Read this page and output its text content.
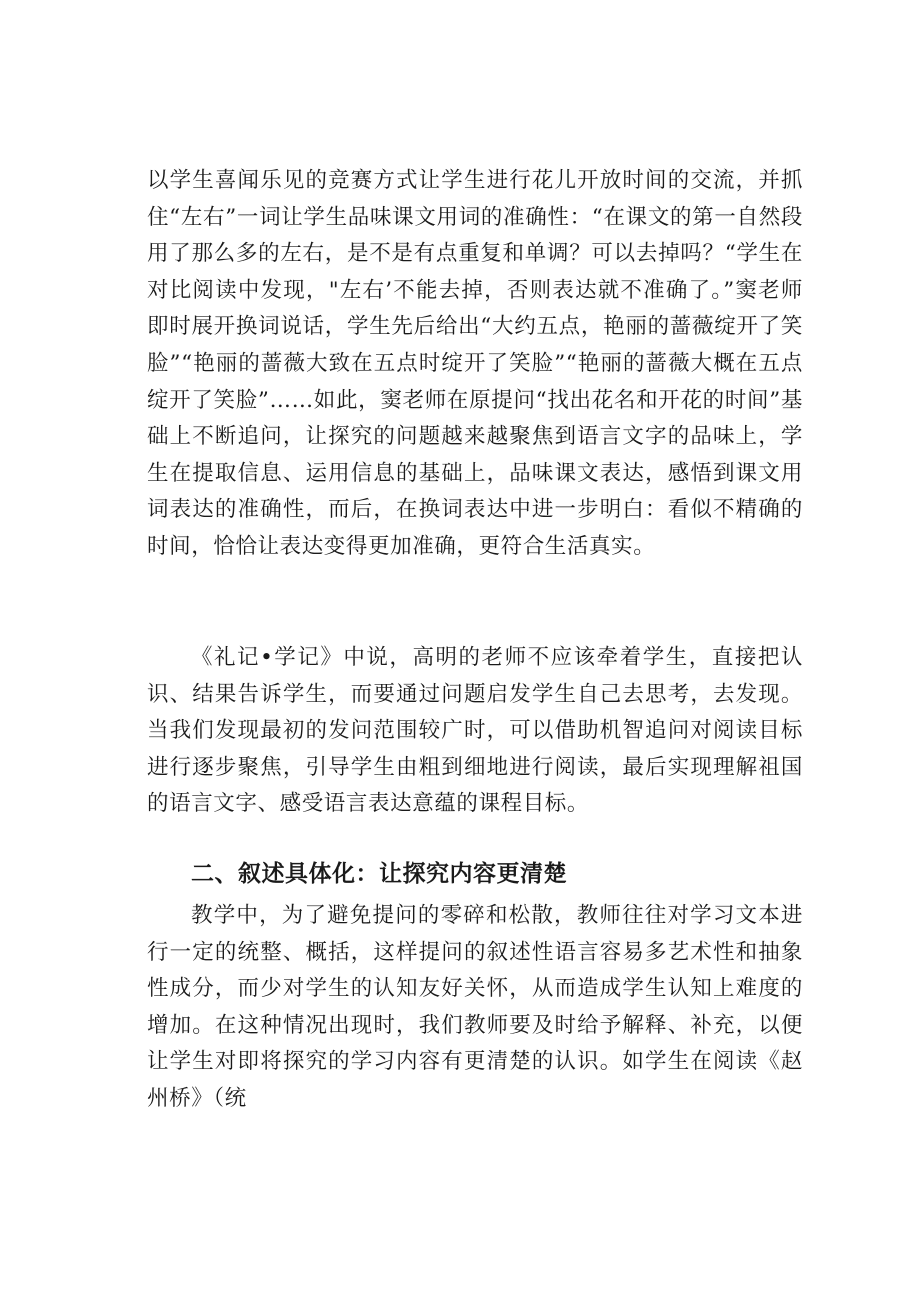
以学生喜闻乐见的竞赛方式让学生进行花儿开放时间的交流，并抓住“左右”一词让学生品味课文用词的准确性：“在课文的第一自然段用了那么多的左右，是不是有点重复和单调？可以去掉吗？“学生在对比阅读中发现，"左右’不能去掉，否则表达就不准确了。”窦老师即时展开换词说话，学生先后给出“大约五点，艳丽的蔷薇绽开了笑脸”“艳丽的蔷薇大致在五点时绽开了笑脸”“艳丽的蔷薇大概在五点绽开了笑脸”……如此，窦老师在原提问“找出花名和开花的时间”基础上不断追问，让探究的问题越来越聚焦到语言文字的品味上，学生在提取信息、运用信息的基础上，品味课文表达，感悟到课文用词表达的准确性，而后，在换词表达中进一步明白：看似不精确的时间，恰恰让表达变得更加准确，更符合生活真实。

《礼记•学记》中说，高明的老师不应该牵着学生，直接把认识、结果告诉学生，而要通过问题启发学生自己去思考，去发现。当我们发现最初的发问范围较广时，可以借助机智追问对阅读目标进行逐步聚焦，引导学生由粗到细地进行阅读，最后实现理解祖国的语言文字、感受语言表达意蕴的课程目标。

二、叙述具体化：让探究内容更清楚

教学中，为了避免提问的零碎和松散，教师往往对学习文本进行一定的统整、概括，这样提问的叙述性语言容易多艺术性和抽象性成分，而少对学生的认知友好关怀，从而造成学生认知上难度的增加。在这种情况出现时，我们教师要及时给予解释、补充，以便让学生对即将探究的学习内容有更清楚的认识。如学生在阅读《赵州桥》（统
